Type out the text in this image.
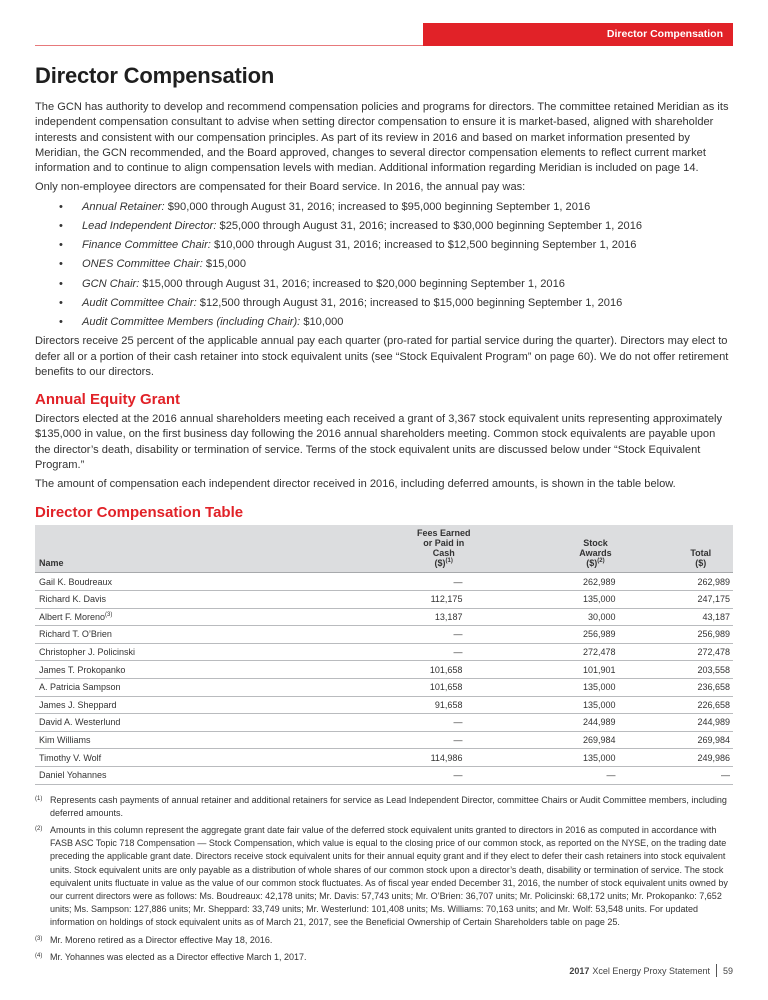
Director Compensation
Director Compensation

The GCN has authority to develop and recommend compensation policies and programs for directors. The committee retained Meridian as its independent compensation consultant to advise when setting director compensation to ensure it is market-based, aligned with shareholder interests and consistent with our compensation principles. As part of its review in 2016 and based on market information presented by Meridian, the GCN recommended, and the Board approved, changes to several director compensation elements to reflect current market information and to continue to align compensation levels with median. Additional information regarding Meridian is included on page 14.

Only non-employee directors are compensated for their Board service. In 2016, the annual pay was:

• Annual Retainer: $90,000 through August 31, 2016; increased to $95,000 beginning September 1, 2016
• Lead Independent Director: $25,000 through August 31, 2016; increased to $30,000 beginning September 1, 2016
• Finance Committee Chair: $10,000 through August 31, 2016; increased to $12,500 beginning September 1, 2016
• ONES Committee Chair: $15,000
• GCN Chair: $15,000 through August 31, 2016; increased to $20,000 beginning September 1, 2016
• Audit Committee Chair: $12,500 through August 31, 2016; increased to $15,000 beginning September 1, 2016
• Audit Committee Members (including Chair): $10,000

Directors receive 25 percent of the applicable annual pay each quarter (pro-rated for partial service during the quarter). Directors may elect to defer all or a portion of their cash retainer into stock equivalent units (see “Stock Equivalent Program” on page 60). We do not offer retirement benefits to our directors.

Annual Equity Grant

Directors elected at the 2016 annual shareholders meeting each received a grant of 3,367 stock equivalent units representing approximately $135,000 in value, on the first business day following the 2016 annual shareholders meeting. Common stock equivalents are payable upon the director’s death, disability or termination of service. Terms of the stock equivalent units are discussed below under “Stock Equivalent Program.”

The amount of compensation each independent director received in 2016, including deferred amounts, is shown in the table below.

Director Compensation Table
Name	
Fees Earned
or Paid in
Cash
($)$^{(1)}$

Stock
Awards
($)$^{(2)}$

Total
($)

Gail K. Boudreaux	—	262,989	262,989
Richard K. Davis	112,175	135,000	247,175
Albert F. Moreno$^{(3)}$	13,187	30,000	43,187
Richard T. O’Brien	—	256,989	256,989
Christopher J. Policinski	—	272,478	272,478
James T. Prokopanko	101,658	101,901	203,558
A. Patricia Sampson	101,658	135,000	236,658
James J. Sheppard	91,658	135,000	226,658
David A. Westerlund	—	244,989	244,989
Kim Williams	—	269,984	269,984
Timothy V. Wolf	114,986	135,000	249,986
Daniel Yohannes	—	—	—
(1) Represents cash payments of annual retainer and additional retainers for service as Lead Independent Director, committee Chairs or Audit Committee members, including deferred amounts.
(2) Amounts in this column represent the aggregate grant date fair value of the deferred stock equivalent units granted to directors in 2016 as computed in accordance with FASB ASC Topic 718 Compensation — Stock Compensation, which value is equal to the closing price of our common stock, as reported on the NYSE, on the trading date preceding the applicable grant date. Directors receive stock equivalent units for their annual equity grant and if they elect to defer their cash retainers into stock equivalent units. Stock equivalent units are only payable as a distribution of whole shares of our common stock upon a director’s death, disability or termination of service. The stock equivalent units fluctuate in value as the value of our common stock fluctuates. As of fiscal year ended December 31, 2016, the number of stock equivalent units owned by our current directors were as follows: Ms. Boudreaux: 42,178 units; Mr. Davis: 57,743 units; Mr. O’Brien: 36,707 units; Mr. Policinski: 68,172 units; Mr. Prokopanko: 7,652 units; Ms. Sampson: 127,886 units; Mr. Sheppard: 33,749 units; Mr. Westerlund: 101,408 units; Ms. Williams: 70,163 units; and Mr. Wolf: 53,548 units. For updated information on holdings of stock equivalent units as of March 21, 2017, see the Beneficial Ownership of Certain Shareholders table on page 25.
(3) Mr. Moreno retired as a Director effective May 18, 2016.
(4) Mr. Yohannes was elected as a Director effective March 1, 2017.
2017 Xcel Energy Proxy Statement 59
